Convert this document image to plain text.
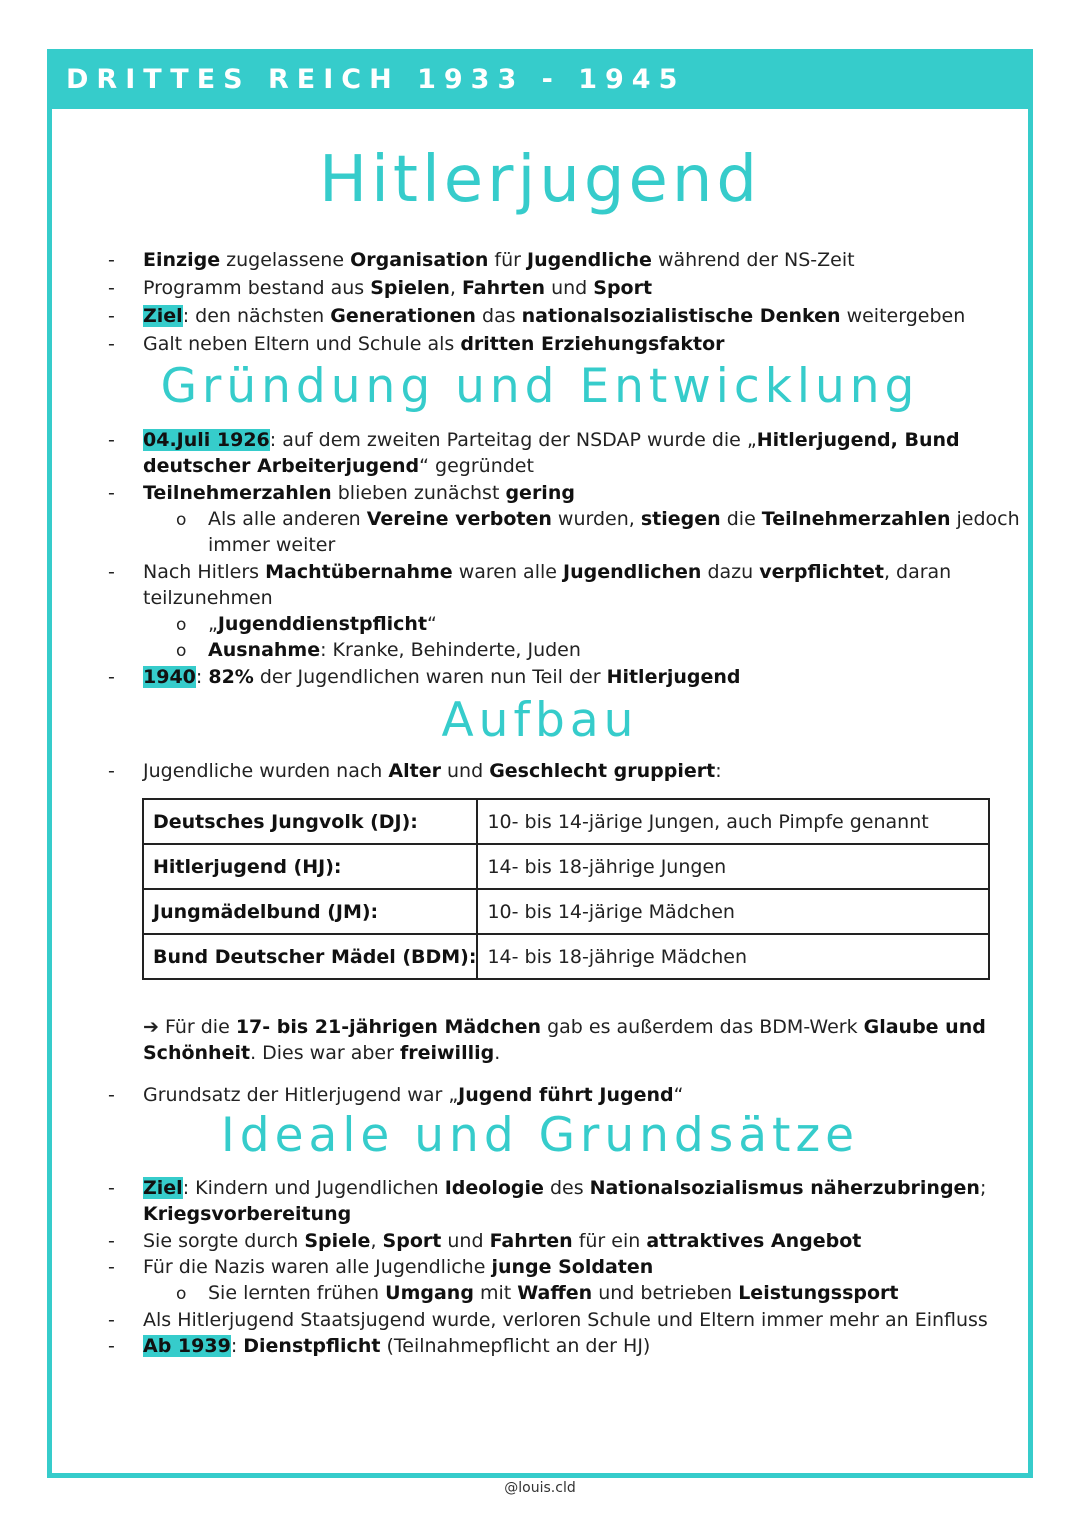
DRITTES REICH 1933 - 1945
Hitlerjugend
- Einzige zugelassene Organisation für Jugendliche während der NS-Zeit
- Programm bestand aus Spielen, Fahrten und Sport
- Ziel: den nächsten Generationen das nationalsozialistische Denken weitergeben
- Galt neben Eltern und Schule als dritten Erziehungsfaktor
Gründung und Entwicklung
- 04.Juli 1926: auf dem zweiten Parteitag der NSDAP wurde die „Hitlerjugend, Bund
deutscher Arbeiterjugend“ gegründet
- Teilnehmerzahlen blieben zunächst gering
o Als alle anderen Vereine verboten wurden, stiegen die Teilnehmerzahlen jedoch
immer weiter
- Nach Hitlers Machtübernahme waren alle Jugendlichen dazu verpflichtet, daran
teilzunehmen
o „Jugenddienstpflicht“
o Ausnahme: Kranke, Behinderte, Juden
- 1940: 82% der Jugendlichen waren nun Teil der Hitlerjugend
Aufbau
- Jugendliche wurden nach Alter und Geschlecht gruppiert:
Deutsches Jungvolk (DJ):	10- bis 14-järige Jungen, auch Pimpfe genannt
Hitlerjugend (HJ):	14- bis 18-jährige Jungen
Jungmädelbund (JM):	10- bis 14-järige Mädchen
Bund Deutscher Mädel (BDM):	14- bis 18-jährige Mädchen
➔ Für die 17- bis 21-jährigen Mädchen gab es außerdem das BDM-Werk Glaube und
Schönheit. Dies war aber freiwillig.
- Grundsatz der Hitlerjugend war „Jugend führt Jugend“
Ideale und Grundsätze
- Ziel: Kindern und Jugendlichen Ideologie des Nationalsozialismus näherzubringen;
Kriegsvorbereitung
- Sie sorgte durch Spiele, Sport und Fahrten für ein attraktives Angebot
- Für die Nazis waren alle Jugendliche junge Soldaten
o Sie lernten frühen Umgang mit Waffen und betrieben Leistungssport
- Als Hitlerjugend Staatsjugend wurde, verloren Schule und Eltern immer mehr an Einfluss
- Ab 1939: Dienstpflicht (Teilnahmepflicht an der HJ)
@louis.cld
